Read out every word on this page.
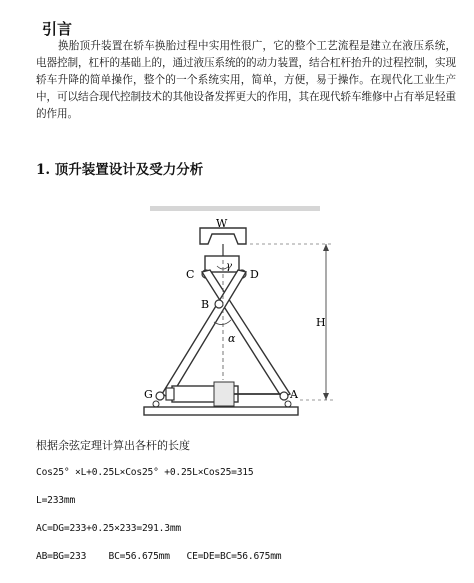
引言
换胎顶升装置在轿车换胎过程中实用性很广，它的整个工艺流程是建立在液压系统，电器控制，杠杆的基础上的，通过液压系统的的动力装置，结合杠杆抬升的过程控制，实现轿车升降的简单操作，整个的一个系统实用，简单，方便，易于操作。在现代化工业生产中，可以结合现代控制技术的其他设备发挥更大的作用，其在现代轿车维修中占有举足轻重的作用。
1. 顶升装置设计及受力分析
W
C	D
B
G	A
H
γ
α
根据余弦定理计算出各杆的长度
Cos25° ×L+0.25L×Cos25° +0.25L×Cos25=315
L=233mm
AC=DG=233+0.25×233=291.3mm
AB=BG=233    BC=56.675mm   CE=DE=BC=56.675mm
